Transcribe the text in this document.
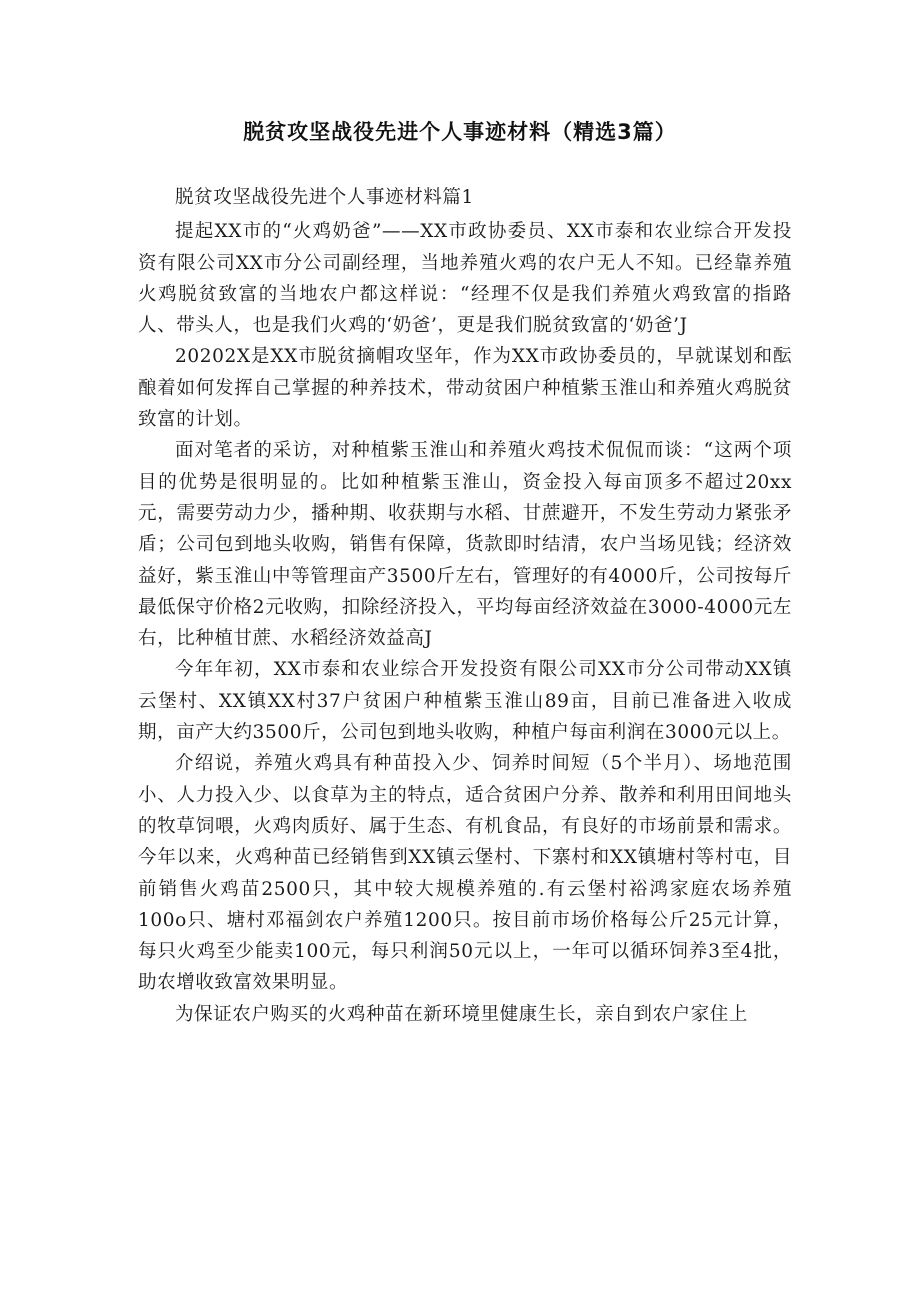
脱贫攻坚战役先进个人事迹材料（精选3篇）

脱贫攻坚战役先进个人事迹材料篇1

提起XX市的“火鸡奶爸”——XX市政协委员、XX市泰和农业综合开发投资有限公司XX市分公司副经理，当地养殖火鸡的农户无人不知。已经靠养殖火鸡脱贫致富的当地农户都这样说：“经理不仅是我们养殖火鸡致富的指路人、带头人，也是我们火鸡的‘奶爸’，更是我们脱贫致富的‘奶爸’J

20202X是XX市脱贫摘帽攻坚年，作为XX市政协委员的，早就谋划和酝酿着如何发挥自己掌握的种养技术，带动贫困户种植紫玉淮山和养殖火鸡脱贫致富的计划。

面对笔者的采访，对种植紫玉淮山和养殖火鸡技术侃侃而谈：“这两个项目的优势是很明显的。比如种植紫玉淮山，资金投入每亩顶多不超过20xx元，需要劳动力少，播种期、收获期与水稻、甘蔗避开，不发生劳动力紧张矛盾；公司包到地头收购，销售有保障，货款即时结清，农户当场见钱；经济效益好，紫玉淮山中等管理亩产3500斤左右，管理好的有4000斤，公司按每斤最低保守价格2元收购，扣除经济投入，平均每亩经济效益在3000-4000元左右，比种植甘蔗、水稻经济效益高J

今年年初，XX市泰和农业综合开发投资有限公司XX市分公司带动XX镇云堡村、XX镇XX村37户贫困户种植紫玉淮山89亩，目前已准备进入收成期，亩产大约3500斤，公司包到地头收购，种植户每亩利润在3000元以上。

介绍说，养殖火鸡具有种苗投入少、饲养时间短（5个半月）、场地范围小、人力投入少、以食草为主的特点，适合贫困户分养、散养和利用田间地头的牧草饲喂，火鸡肉质好、属于生态、有机食品，有良好的市场前景和需求。今年以来，火鸡种苗已经销售到XX镇云堡村、下寨村和XX镇塘村等村屯，目前销售火鸡苗2500只，其中较大规模养殖的.有云堡村裕鸿家庭农场养殖100o只、塘村邓福剑农户养殖1200只。按目前市场价格每公斤25元计算，每只火鸡至少能卖100元，每只利润50元以上，一年可以循环饲养3至4批，助农增收致富效果明显。

为保证农户购买的火鸡种苗在新环境里健康生长，亲自到农户家住上
